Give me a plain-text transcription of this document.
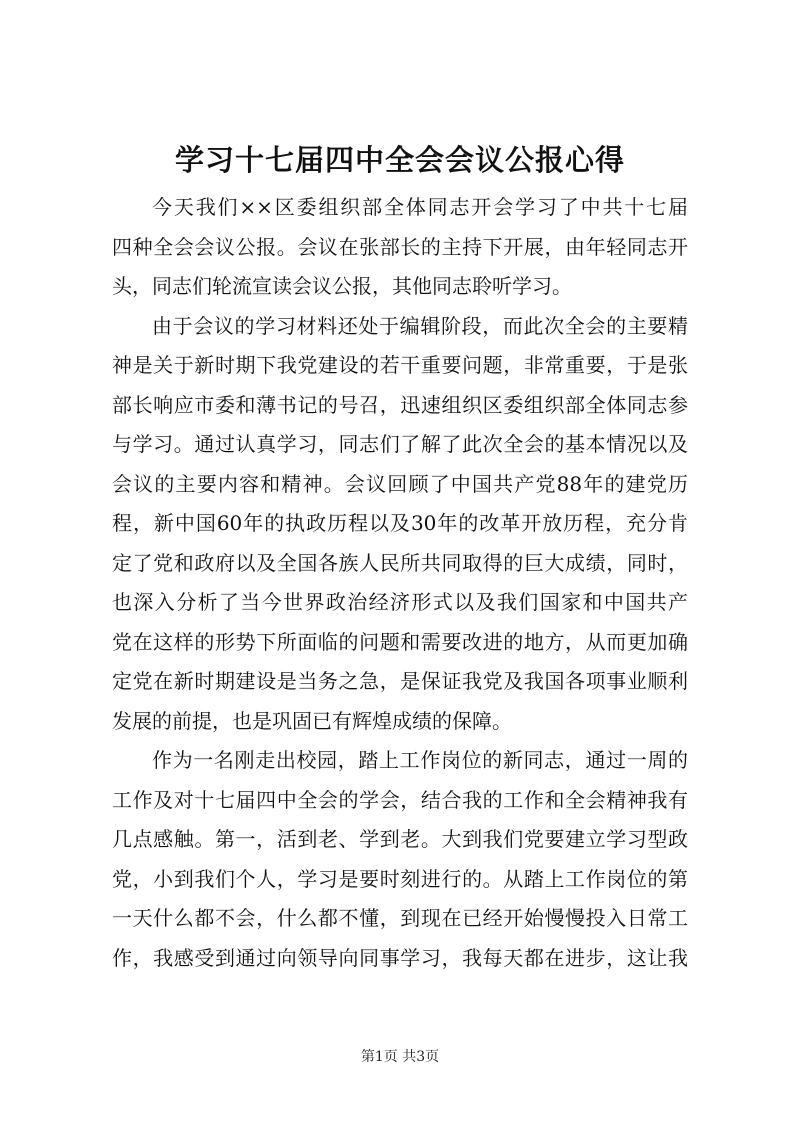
学习十七届四中全会会议公报心得
今天我们××区委组织部全体同志开会学习了中共十七届
四种全会会议公报。会议在张部长的主持下开展，由年轻同志开
头，同志们轮流宣读会议公报，其他同志聆听学习。
由于会议的学习材料还处于编辑阶段，而此次全会的主要精
神是关于新时期下我党建设的若干重要问题，非常重要，于是张
部长响应市委和薄书记的号召，迅速组织区委组织部全体同志参
与学习。通过认真学习，同志们了解了此次全会的基本情况以及
会议的主要内容和精神。会议回顾了中国共产党88年的建党历
程，新中国60年的执政历程以及30年的改革开放历程，充分肯
定了党和政府以及全国各族人民所共同取得的巨大成绩，同时，
也深入分析了当今世界政治经济形式以及我们国家和中国共产
党在这样的形势下所面临的问题和需要改进的地方，从而更加确
定党在新时期建设是当务之急，是保证我党及我国各项事业顺利
发展的前提，也是巩固已有辉煌成绩的保障。
作为一名刚走出校园，踏上工作岗位的新同志，通过一周的
工作及对十七届四中全会的学会，结合我的工作和全会精神我有
几点感触。第一，活到老、学到老。大到我们党要建立学习型政
党，小到我们个人，学习是要时刻进行的。从踏上工作岗位的第
一天什么都不会，什么都不懂，到现在已经开始慢慢投入日常工
作，我感受到通过向领导向同事学习，我每天都在进步，这让我
第1页 共3页
